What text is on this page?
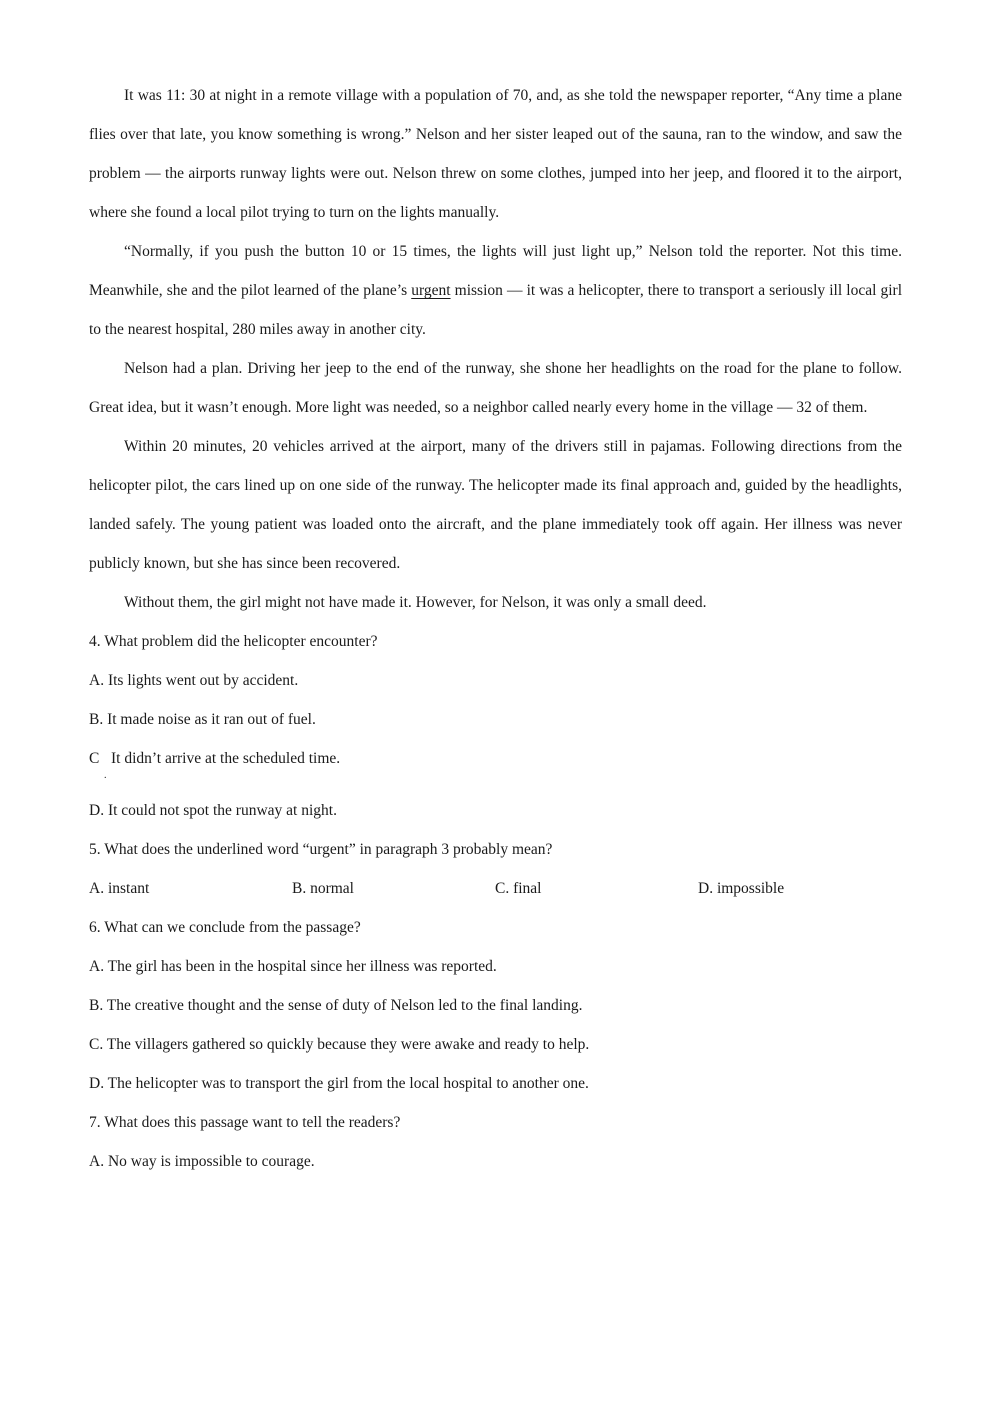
It was 11: 30 at night in a remote village with a population of 70, and, as she told the newspaper reporter, “Any time a plane flies over that late, you know something is wrong.” Nelson and her sister leaped out of the sauna, ran to the window, and saw the problem — the airports runway lights were out. Nelson threw on some clothes, jumped into her jeep, and floored it to the airport, where she found a local pilot trying to turn on the lights manually.

“Normally, if you push the button 10 or 15 times, the lights will just light up,” Nelson told the reporter. Not this time. Meanwhile, she and the pilot learned of the plane’s urgent mission — it was a helicopter, there to transport a seriously ill local girl to the nearest hospital, 280 miles away in another city.

Nelson had a plan. Driving her jeep to the end of the runway, she shone her headlights on the road for the plane to follow. Great idea, but it wasn’t enough. More light was needed, so a neighbor called nearly every home in the village — 32 of them.

Within 20 minutes, 20 vehicles arrived at the airport, many of the drivers still in pajamas. Following directions from the helicopter pilot, the cars lined up on one side of the runway. The helicopter made its final approach and, guided by the headlights, landed safely. The young patient was loaded onto the aircraft, and the plane immediately took off again. Her illness was never publicly known, but she has since been recovered.

Without them, the girl might not have made it. However, for Nelson, it was only a small deed.

4. What problem did the helicopter encounter?

A. Its lights went out by accident.

B. It made noise as it ran out of fuel.

C It didn’t arrive at the scheduled time.
.

D. It could not spot the runway at night.

5. What does the underlined word “urgent” in paragraph 3 probably mean?

A. instant	B. normal	C. final	D. impossible

6. What can we conclude from the passage?

A. The girl has been in the hospital since her illness was reported.

B. The creative thought and the sense of duty of Nelson led to the final landing.

C. The villagers gathered so quickly because they were awake and ready to help.

D. The helicopter was to transport the girl from the local hospital to another one.

7. What does this passage want to tell the readers?

A. No way is impossible to courage.
